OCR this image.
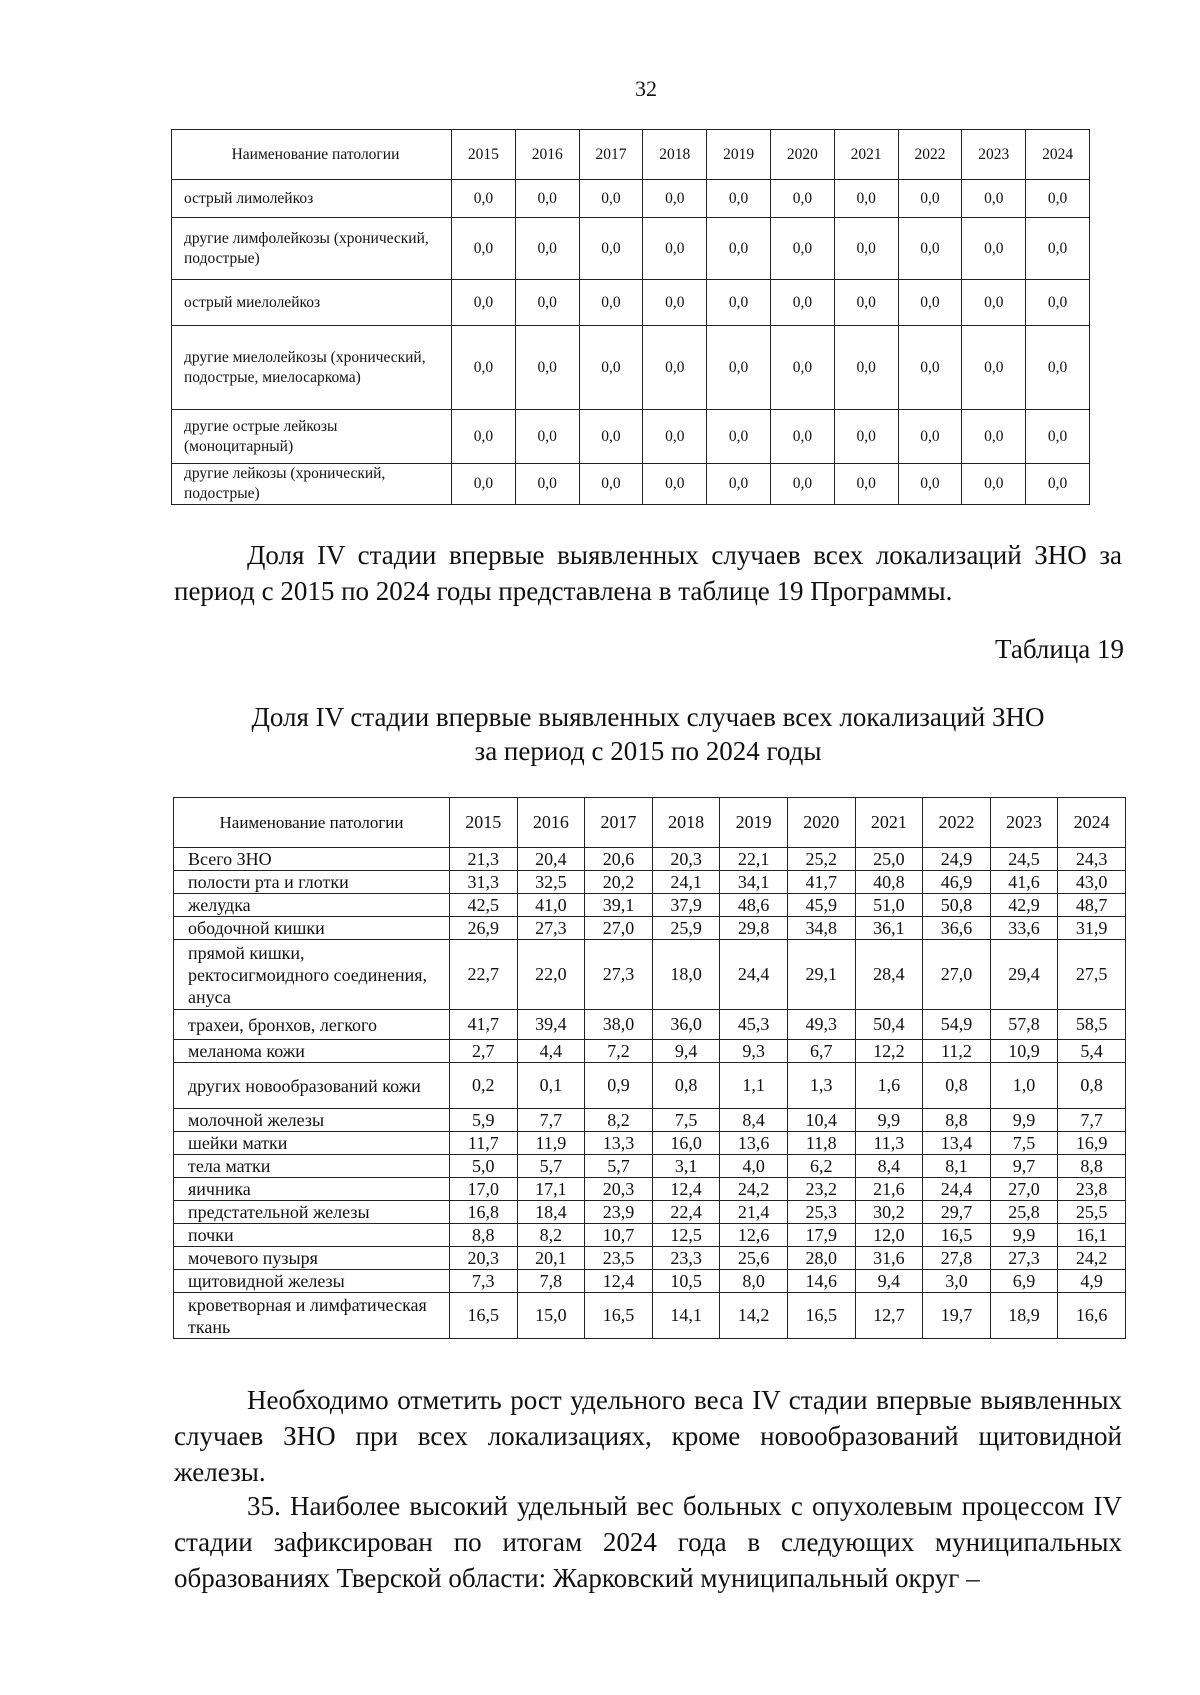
32
Наименование патологии	2015	2016	2017	2018	2019	2020	2021	2022	2023	2024
острый лимолейкоз	0,0	0,0	0,0	0,0	0,0	0,0	0,0	0,0	0,0	0,0
другие лимфолейкозы (хронический, подострые)	0,0	0,0	0,0	0,0	0,0	0,0	0,0	0,0	0,0	0,0
острый миелолейкоз	0,0	0,0	0,0	0,0	0,0	0,0	0,0	0,0	0,0	0,0
другие миелолейкозы (хронический, подострые, миелосаркома)	0,0	0,0	0,0	0,0	0,0	0,0	0,0	0,0	0,0	0,0
другие острые лейкозы (моноцитарный)	0,0	0,0	0,0	0,0	0,0	0,0	0,0	0,0	0,0	0,0
другие лейкозы (хронический, подострые)	0,0	0,0	0,0	0,0	0,0	0,0	0,0	0,0	0,0	0,0

Доля IV стадии впервые выявленных случаев всех локализаций ЗНО за период с 2015 по 2024 годы представлена в таблице 19 Программы.

Таблица 19
Доля IV стадии впервые выявленных случаев всех локализаций ЗНО
за период с 2015 по 2024 годы
Наименование патологии	2015	2016	2017	2018	2019	2020	2021	2022	2023	2024
Всего ЗНО	21,3	20,4	20,6	20,3	22,1	25,2	25,0	24,9	24,5	24,3
полости рта и глотки	31,3	32,5	20,2	24,1	34,1	41,7	40,8	46,9	41,6	43,0
желудка	42,5	41,0	39,1	37,9	48,6	45,9	51,0	50,8	42,9	48,7
ободочной кишки	26,9	27,3	27,0	25,9	29,8	34,8	36,1	36,6	33,6	31,9
прямой кишки, ректосигмоидного соединения, ануса	22,7	22,0	27,3	18,0	24,4	29,1	28,4	27,0	29,4	27,5
трахеи, бронхов, легкого	41,7	39,4	38,0	36,0	45,3	49,3	50,4	54,9	57,8	58,5
меланома кожи	2,7	4,4	7,2	9,4	9,3	6,7	12,2	11,2	10,9	5,4
других новообразований кожи	0,2	0,1	0,9	0,8	1,1	1,3	1,6	0,8	1,0	0,8
молочной железы	5,9	7,7	8,2	7,5	8,4	10,4	9,9	8,8	9,9	7,7
шейки матки	11,7	11,9	13,3	16,0	13,6	11,8	11,3	13,4	7,5	16,9
тела матки	5,0	5,7	5,7	3,1	4,0	6,2	8,4	8,1	9,7	8,8
яичника	17,0	17,1	20,3	12,4	24,2	23,2	21,6	24,4	27,0	23,8
предстательной железы	16,8	18,4	23,9	22,4	21,4	25,3	30,2	29,7	25,8	25,5
почки	8,8	8,2	10,7	12,5	12,6	17,9	12,0	16,5	9,9	16,1
мочевого пузыря	20,3	20,1	23,5	23,3	25,6	28,0	31,6	27,8	27,3	24,2
щитовидной железы	7,3	7,8	12,4	10,5	8,0	14,6	9,4	3,0	6,9	4,9
кроветворная и лимфатическая ткань	16,5	15,0	16,5	14,1	14,2	16,5	12,7	19,7	18,9	16,6

Необходимо отметить рост удельного веса IV стадии впервые выявленных случаев ЗНО при всех локализациях, кроме новообразований щитовидной железы.

35. Наиболее высокий удельный вес больных с опухолевым процессом IV стадии зафиксирован по итогам 2024 года в следующих муниципальных образованиях Тверской области: Жарковский муниципальный округ –
